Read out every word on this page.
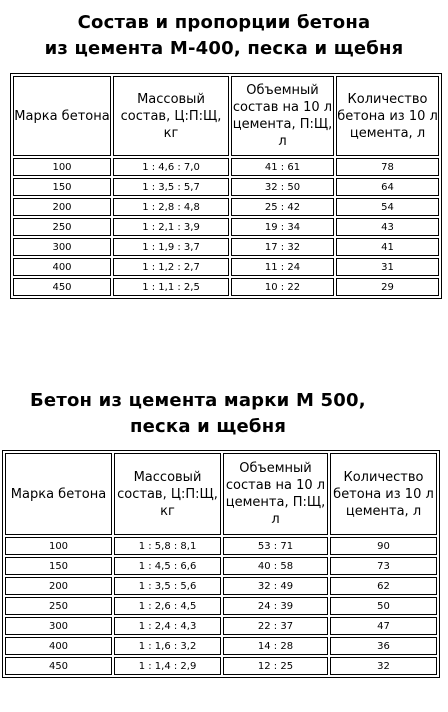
Состав и пропорции бетона
из цемента М-400, песка и щебня
Марка бетона	Массовый состав, Ц:П:Щ, кг	Объемный состав на 10 л цемента, П:Щ, л	Количество бетона из 10 л цемента, л
100	1 : 4,6 : 7,0	41 : 61	78
150	1 : 3,5 : 5,7	32 : 50	64
200	1 : 2,8 : 4,8	25 : 42	54
250	1 : 2,1 : 3,9	19 : 34	43
300	1 : 1,9 : 3,7	17 : 32	41
400	1 : 1,2 : 2,7	11 : 24	31
450	1 : 1,1 : 2,5	10 : 22	29
Бетон из цемента марки М 500,
песка и щебня
Марка бетона	Массовый состав, Ц:П:Щ, кг	Объемный состав на 10 л цемента, П:Щ, л	Количество бетона из 10 л цемента, л
100	1 : 5,8 : 8,1	53 : 71	90
150	1 : 4,5 : 6,6	40 : 58	73
200	1 : 3,5 : 5,6	32 : 49	62
250	1 : 2,6 : 4,5	24 : 39	50
300	1 : 2,4 : 4,3	22 : 37	47
400	1 : 1,6 : 3,2	14 : 28	36
450	1 : 1,4 : 2,9	12 : 25	32
